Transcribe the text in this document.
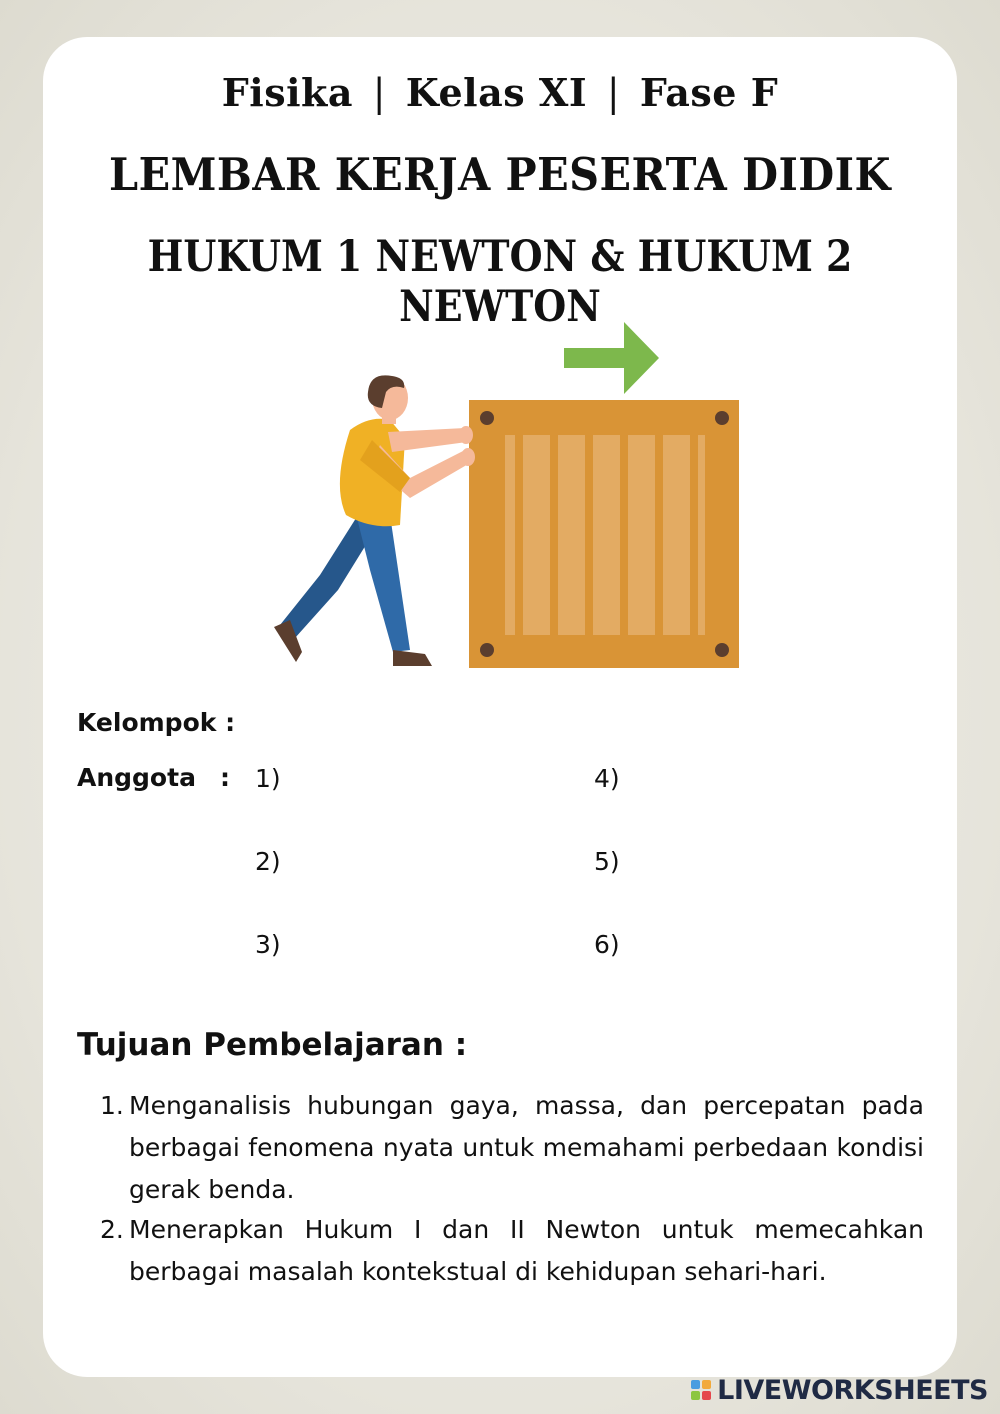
Fisika | Kelas XI | Fase F
LEMBAR KERJA PESERTA DIDIK
HUKUM 1 NEWTON & HUKUM 2 NEWTON
Kelompok :
Anggota : 1)
2)
3)
4)
5)
6)
Tujuan Pembelajaran :
1. Menganalisis hubungan gaya, massa, dan percepatan pada berbagai fenomena nyata untuk memahami perbedaan kondisi gerak benda.
2. Menerapkan Hukum I dan II Newton untuk memecahkan berbagai masalah kontekstual di kehidupan sehari-hari.
LIVEWORKSHEETS
